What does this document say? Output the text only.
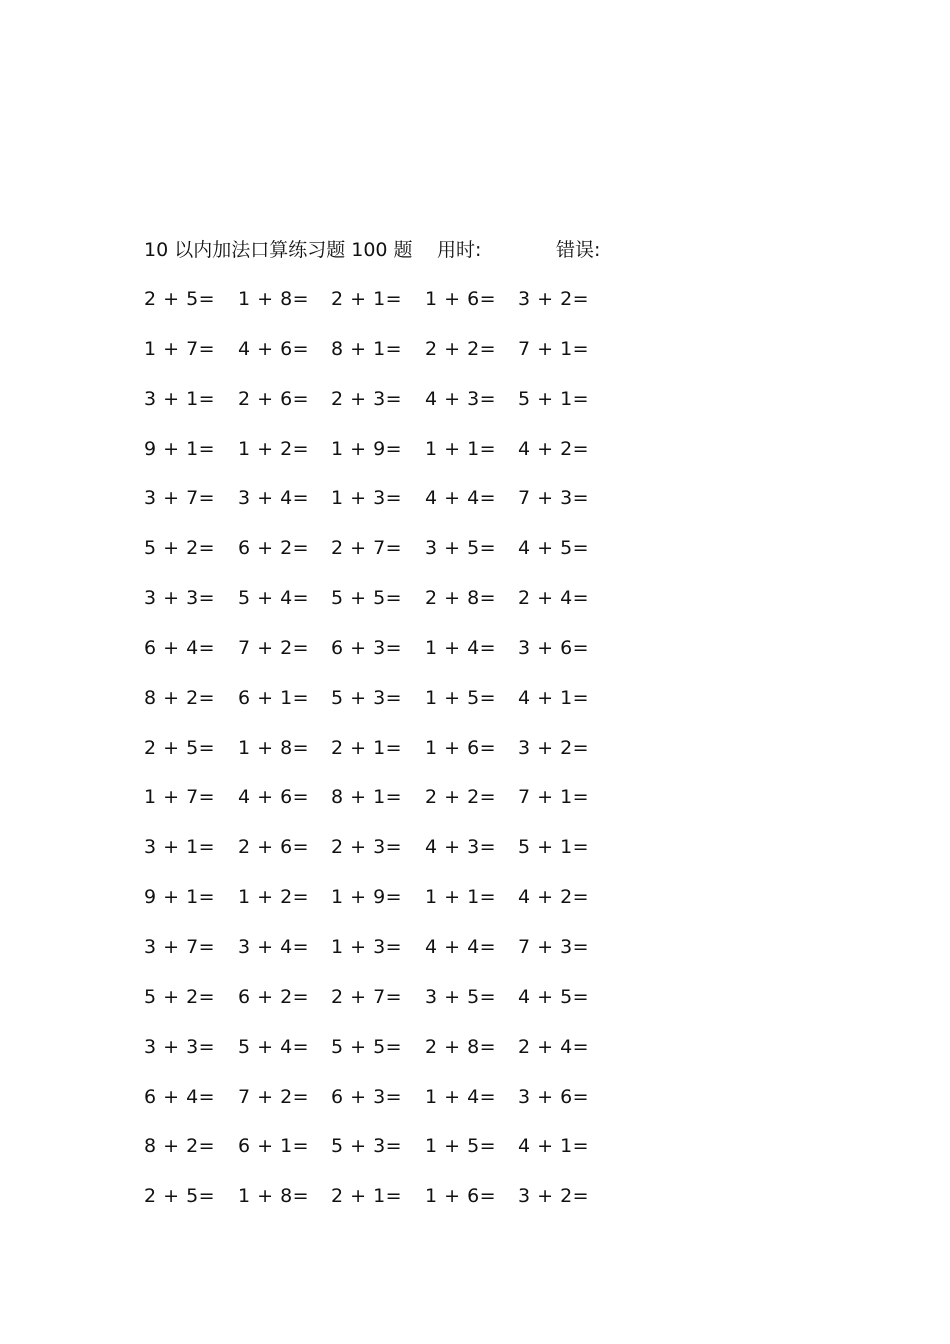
10 以内加法口算练习题 100 题 用时:	错误:
2 + 5= 1 + 8= 2 + 1= 1 + 6= 3 + 2=
1 + 7= 4 + 6= 8 + 1= 2 + 2= 7 + 1=
3 + 1= 2 + 6= 2 + 3= 4 + 3= 5 + 1=
9 + 1= 1 + 2= 1 + 9= 1 + 1= 4 + 2=
3 + 7= 3 + 4= 1 + 3= 4 + 4= 7 + 3=
5 + 2= 6 + 2= 2 + 7= 3 + 5= 4 + 5=
3 + 3= 5 + 4= 5 + 5= 2 + 8= 2 + 4=
6 + 4= 7 + 2= 6 + 3= 1 + 4= 3 + 6=
8 + 2= 6 + 1= 5 + 3= 1 + 5= 4 + 1=
2 + 5= 1 + 8= 2 + 1= 1 + 6= 3 + 2=
1 + 7= 4 + 6= 8 + 1= 2 + 2= 7 + 1=
3 + 1= 2 + 6= 2 + 3= 4 + 3= 5 + 1=
9 + 1= 1 + 2= 1 + 9= 1 + 1= 4 + 2=
3 + 7= 3 + 4= 1 + 3= 4 + 4= 7 + 3=
5 + 2= 6 + 2= 2 + 7= 3 + 5= 4 + 5=
3 + 3= 5 + 4= 5 + 5= 2 + 8= 2 + 4=
6 + 4= 7 + 2= 6 + 3= 1 + 4= 3 + 6=
8 + 2= 6 + 1= 5 + 3= 1 + 5= 4 + 1=
2 + 5= 1 + 8= 2 + 1= 1 + 6= 3 + 2=
